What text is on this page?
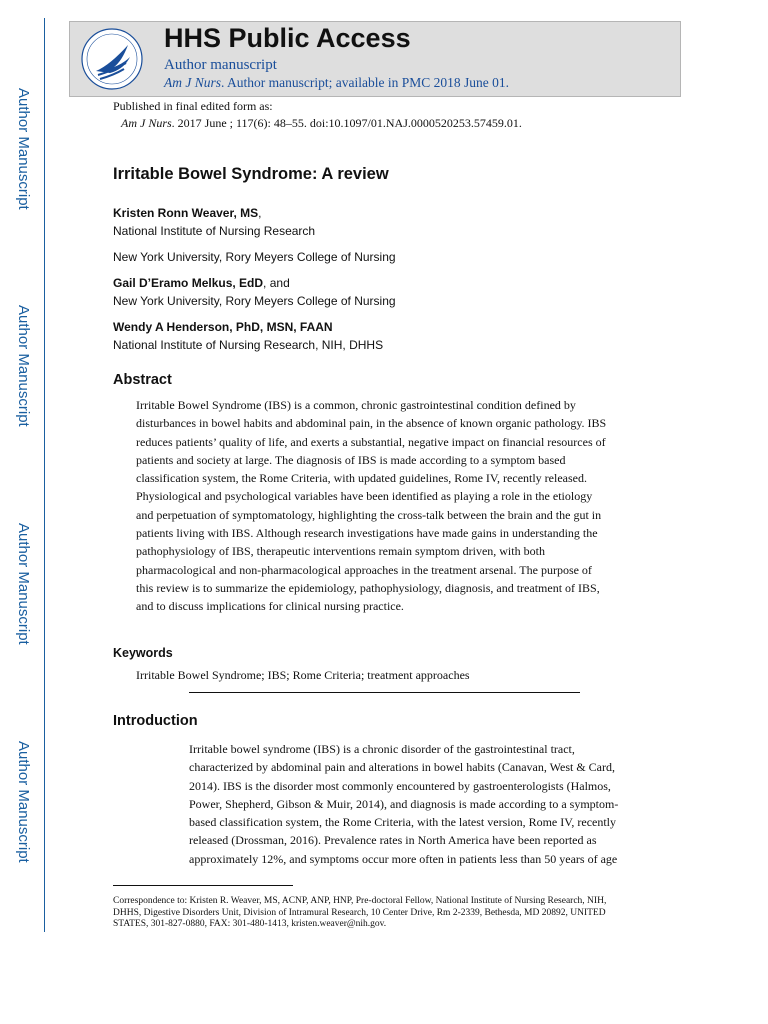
Author Manuscript
Author Manuscript
Author Manuscript
Author Manuscript
HHS Public Access
Author manuscript
Am J Nurs. Author manuscript; available in PMC 2018 June 01.
Published in final edited form as:
Am J Nurs. 2017 June ; 117(6): 48–55. doi:10.1097/01.NAJ.0000520253.57459.01.
Irritable Bowel Syndrome: A review
Kristen Ronn Weaver, MS,
National Institute of Nursing Research
New York University, Rory Meyers College of Nursing
Gail D’Eramo Melkus, EdD, and
New York University, Rory Meyers College of Nursing
Wendy A Henderson, PhD, MSN, FAAN
National Institute of Nursing Research, NIH, DHHS
Abstract
Irritable Bowel Syndrome (IBS) is a common, chronic gastrointestinal condition defined by
disturbances in bowel habits and abdominal pain, in the absence of known organic pathology. IBS
reduces patients’ quality of life, and exerts a substantial, negative impact on financial resources of
patients and society at large. The diagnosis of IBS is made according to a symptom based
classification system, the Rome Criteria, with updated guidelines, Rome IV, recently released.
Physiological and psychological variables have been identified as playing a role in the etiology
and perpetuation of symptomatology, highlighting the cross-talk between the brain and the gut in
patients living with IBS. Although research investigations have made gains in understanding the
pathophysiology of IBS, therapeutic interventions remain symptom driven, with both
pharmacological and non-pharmacological approaches in the treatment arsenal. The purpose of
this review is to summarize the epidemiology, pathophysiology, diagnosis, and treatment of IBS,
and to discuss implications for clinical nursing practice.
Keywords
Irritable Bowel Syndrome; IBS; Rome Criteria; treatment approaches
Introduction
Irritable bowel syndrome (IBS) is a chronic disorder of the gastrointestinal tract,
characterized by abdominal pain and alterations in bowel habits (Canavan, West & Card,
2014). IBS is the disorder most commonly encountered by gastroenterologists (Halmos,
Power, Shepherd, Gibson & Muir, 2014), and diagnosis is made according to a symptom-
based classification system, the Rome Criteria, with the latest version, Rome IV, recently
released (Drossman, 2016). Prevalence rates in North America have been reported as
approximately 12%, and symptoms occur more often in patients less than 50 years of age
Correspondence to: Kristen R. Weaver, MS, ACNP, ANP, HNP, Pre-doctoral Fellow, National Institute of Nursing Research, NIH,
DHHS, Digestive Disorders Unit, Division of Intramural Research, 10 Center Drive, Rm 2-2339, Bethesda, MD 20892, UNITED
STATES, 301-827-0880, FAX: 301-480-1413, kristen.weaver@nih.gov.
